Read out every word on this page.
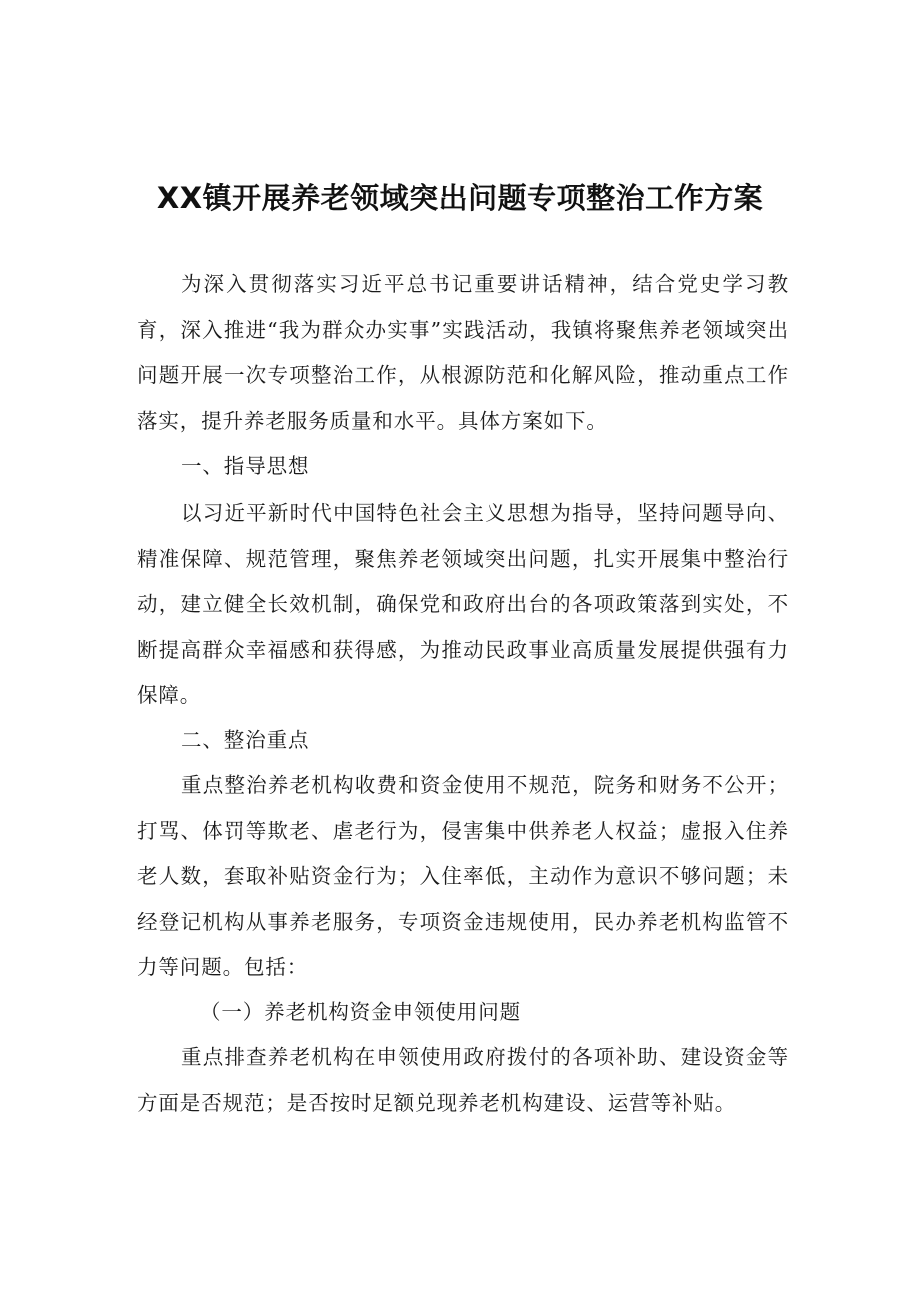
XX镇开展养老领域突出问题专项整治工作方案

为深入贯彻落实习近平总书记重要讲话精神，结合党史学习教育，深入推进“我为群众办实事”实践活动，我镇将聚焦养老领域突出问题开展一次专项整治工作，从根源防范和化解风险，推动重点工作落实，提升养老服务质量和水平。具体方案如下。

一、指导思想

以习近平新时代中国特色社会主义思想为指导，坚持问题导向、精准保障、规范管理，聚焦养老领域突出问题，扎实开展集中整治行动，建立健全长效机制，确保党和政府出台的各项政策落到实处，不断提高群众幸福感和获得感，为推动民政事业高质量发展提供强有力保障。

二、整治重点

重点整治养老机构收费和资金使用不规范，院务和财务不公开；打骂、体罚等欺老、虐老行为，侵害集中供养老人权益；虚报入住养老人数，套取补贴资金行为；入住率低，主动作为意识不够问题；未经登记机构从事养老服务，专项资金违规使用，民办养老机构监管不力等问题。包括：

（一）养老机构资金申领使用问题

重点排查养老机构在申领使用政府拨付的各项补助、建设资金等方面是否规范；是否按时足额兑现养老机构建设、运营等补贴。
